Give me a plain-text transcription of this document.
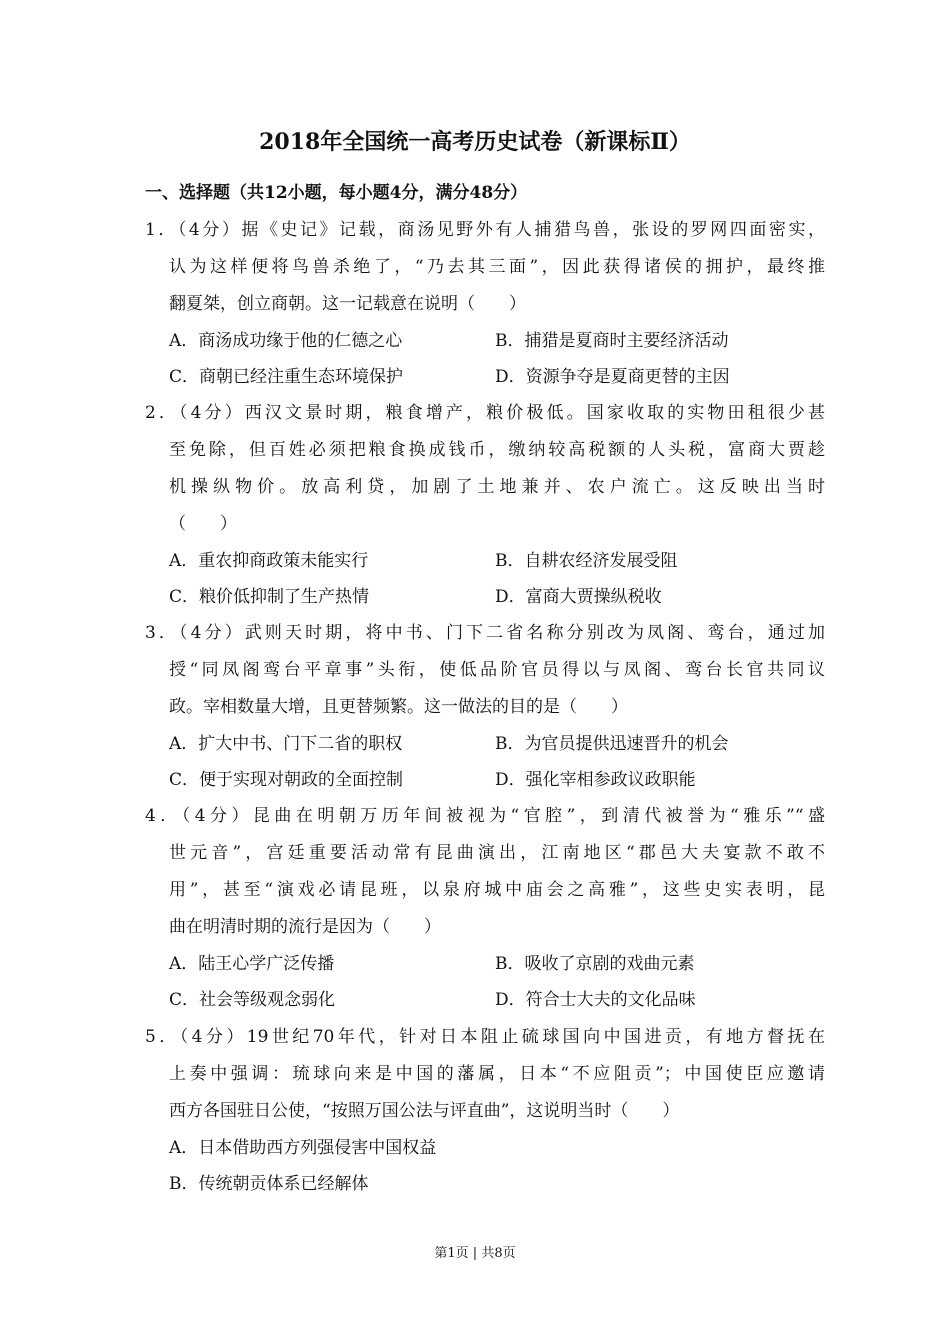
2018年全国统一高考历史试卷（新课标Ⅱ）
一、选择题（共12小题，每小题4分，满分48分）
1．（4分）据《史记》记载，商汤见野外有人捕猎鸟兽，张设的罗网四面密实，
认为这样便将鸟兽杀绝了，“乃去其三面”，因此获得诸侯的拥护，最终推
翻夏桀，创立商朝。这一记载意在说明（　　）
A．商汤成功缘于他的仁德之心	B．捕猎是夏商时主要经济活动
C．商朝已经注重生态环境保护	D．资源争夺是夏商更替的主因
2．（4分）西汉文景时期，粮食增产，粮价极低。国家收取的实物田租很少甚
至免除，但百姓必须把粮食换成钱币，缴纳较高税额的人头税，富商大贾趁
机操纵物价。放高利贷，加剧了土地兼并、农户流亡。这反映出当时
（　　）
A．重农抑商政策未能实行	B．自耕农经济发展受阻
C．粮价低抑制了生产热情	D．富商大贾操纵税收
3．（4分）武则天时期，将中书、门下二省名称分别改为凤阁、鸾台，通过加
授“同凤阁鸾台平章事”头衔，使低品阶官员得以与凤阁、鸾台长官共同议
政。宰相数量大增，且更替频繁。这一做法的目的是（　　）
A．扩大中书、门下二省的职权	B．为官员提供迅速晋升的机会
C．便于实现对朝政的全面控制	D．强化宰相参政议政职能
4．（4分）昆曲在明朝万历年间被视为“官腔”，到清代被誉为“雅乐”“盛
世元音”，宫廷重要活动常有昆曲演出，江南地区“郡邑大夫宴款不敢不
用”，甚至“演戏必请昆班，以泉府城中庙会之高雅”，这些史实表明，昆
曲在明清时期的流行是因为（　　）
A．陆王心学广泛传播	B．吸收了京剧的戏曲元素
C．社会等级观念弱化	D．符合士大夫的文化品味
5．（4分）19世纪70年代，针对日本阻止硫球国向中国进贡，有地方督抚在
上奏中强调：琉球向来是中国的藩属，日本“不应阻贡”；中国使臣应邀请
西方各国驻日公使，“按照万国公法与评直曲”，这说明当时（　　）
A．日本借助西方列强侵害中国权益
B．传统朝贡体系已经解体
第1页 | 共8页
